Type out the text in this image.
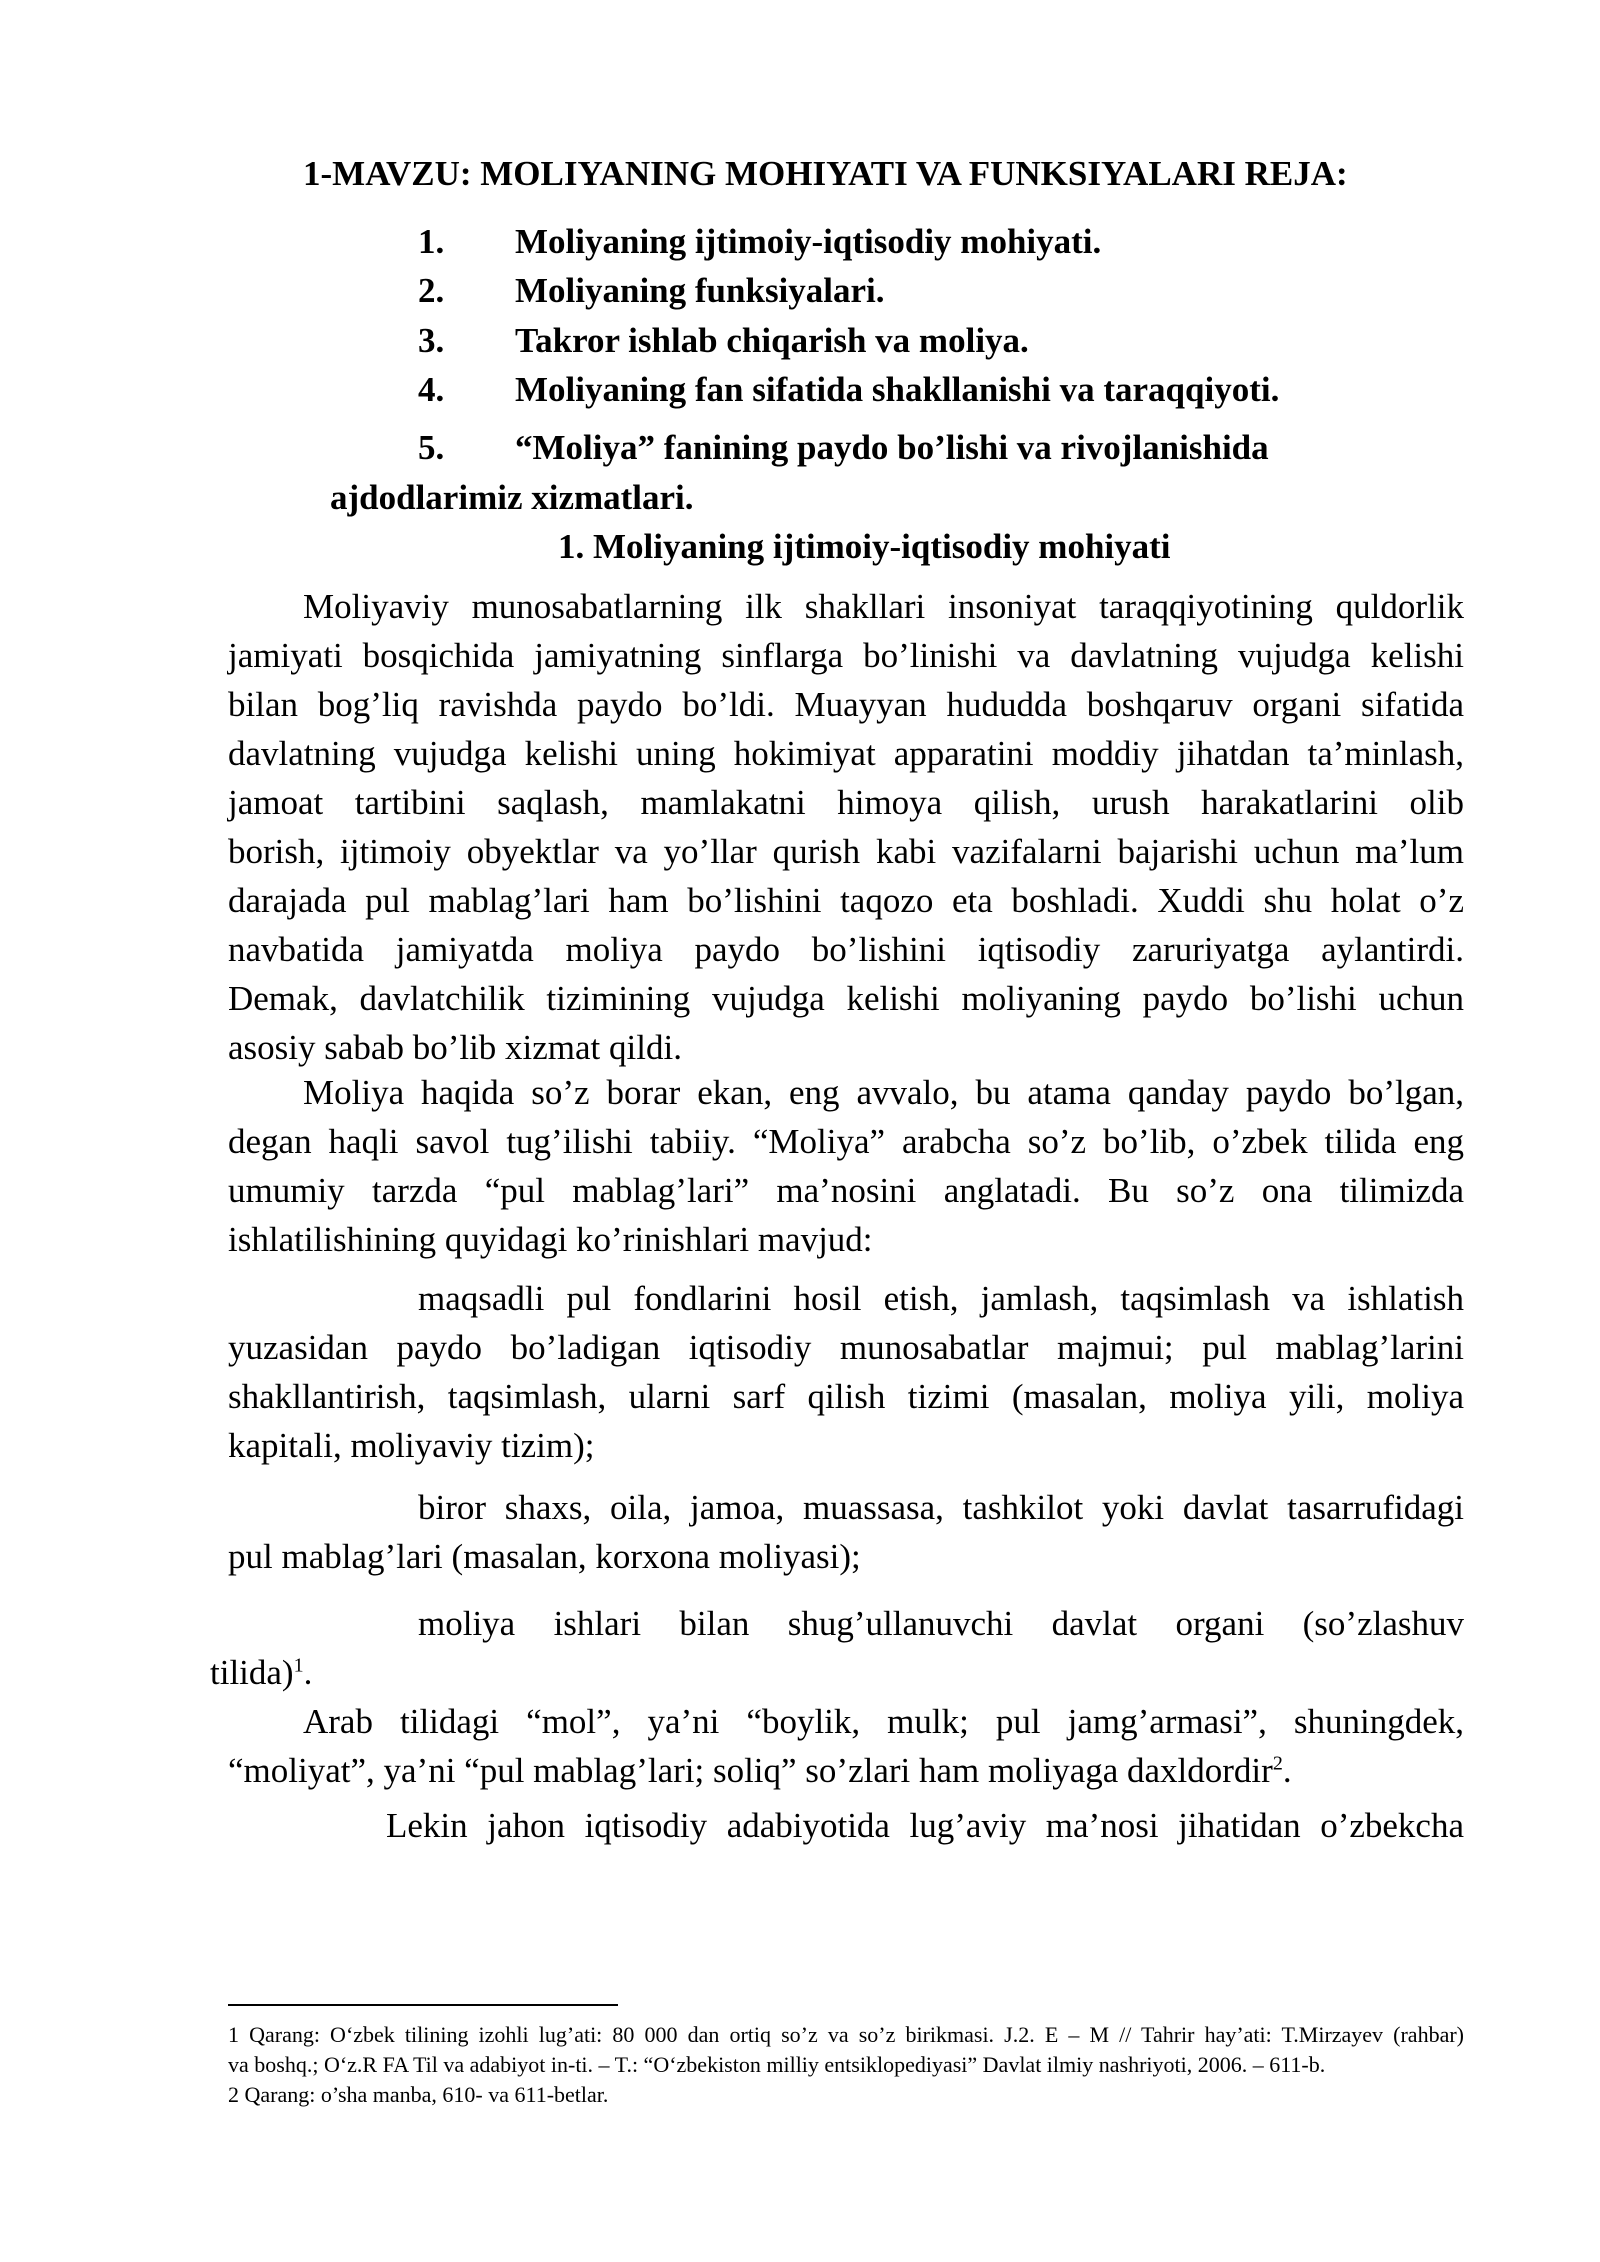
1-MAVZU: MOLIYANING MOHIYATI VA FUNKSIYALARI REJA:
1. Moliyaning ijtimoiy-iqtisodiy mohiyati.
2. Moliyaning funksiyalari.
3. Takror ishlab chiqarish va moliya.
4. Moliyaning fan sifatida shakllanishi va taraqqiyoti.
5. “Moliya” fanining paydo bo’lishi va rivojlanishida
ajdodlarimiz xizmatlari.
1. Moliyaning ijtimoiy-iqtisodiy mohiyati
Moliyaviy munosabatlarning ilk shakllari insoniyat taraqqiyotining quldorlik
jamiyati bosqichida jamiyatning sinflarga bo’linishi va davlatning vujudga kelishi
bilan bog’liq ravishda paydo bo’ldi. Muayyan hududda boshqaruv organi sifatida
davlatning vujudga kelishi uning hokimiyat apparatini moddiy jihatdan ta’minlash,
jamoat tartibini saqlash, mamlakatni himoya qilish, urush harakatlarini olib
borish, ijtimoiy obyektlar va yo’llar qurish kabi vazifalarni bajarishi uchun ma’lum
darajada pul mablag’lari ham bo’lishini taqozo eta boshladi. Xuddi shu holat o’z
navbatida jamiyatda moliya paydo bo’lishini iqtisodiy zaruriyatga aylantirdi.
Demak, davlatchilik tizimining vujudga kelishi moliyaning paydo bo’lishi uchun
asosiy sabab bo’lib xizmat qildi.
Moliya haqida so’z borar ekan, eng avvalo, bu atama qanday paydo bo’lgan,
degan haqli savol tug’ilishi tabiiy. “Moliya” arabcha so’z bo’lib, o’zbek tilida eng
umumiy tarzda “pul mablag’lari” ma’nosini anglatadi. Bu so’z ona tilimizda
ishlatilishining quyidagi ko’rinishlari mavjud:
maqsadli pul fondlarini hosil etish, jamlash, taqsimlash va ishlatish
yuzasidan paydo bo’ladigan iqtisodiy munosabatlar majmui; pul mablag’larini
shakllantirish, taqsimlash, ularni sarf qilish tizimi (masalan, moliya yili, moliya
kapitali, moliyaviy tizim);
biror shaxs, oila, jamoa, muassasa, tashkilot yoki davlat tasarrufidagi
pul mablag’lari (masalan, korxona moliyasi);
moliya ishlari bilan shug’ullanuvchi davlat organi (so’zlashuv
tilida)$^1$.
Arab tilidagi “mol”, ya’ni “boylik, mulk; pul jamg’armasi”, shuningdek,
“moliyat”, ya’ni “pul mablag’lari; soliq” so’zlari ham moliyaga daxldordir$^2$.
Lekin jahon iqtisodiy adabiyotida lug’aviy ma’nosi jihatidan o’zbekcha
1 Qarang: O‘zbek tilining izohli lug’ati: 80 000 dan ortiq so’z va so’z birikmasi. J.2. E – M // Tahrir hay’ati: T.Mirzayev (rahbar)
va boshq.; O‘z.R FA Til va adabiyot in-ti. – T.: “O‘zbekiston milliy entsiklopediyasi” Davlat ilmiy nashriyoti, 2006. – 611-b.
2 Qarang: o’sha manba, 610- va 611-betlar.
